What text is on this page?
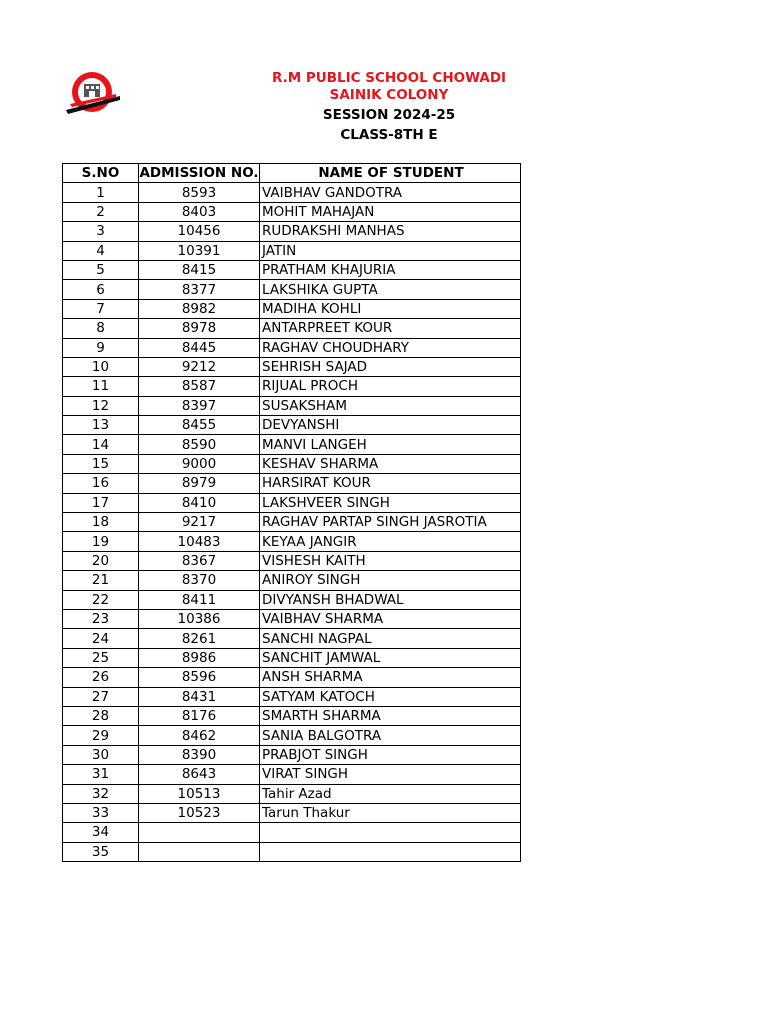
R.M PUBLIC SCHOOL CHOWADI
SAINIK COLONY
SESSION 2024-25
CLASS-8TH E
S.NO	ADMISSION NO.	NAME OF STUDENT
1	8593	VAIBHAV GANDOTRA
2	8403	MOHIT MAHAJAN
3	10456	RUDRAKSHI MANHAS
4	10391	JATIN
5	8415	PRATHAM KHAJURIA
6	8377	LAKSHIKA GUPTA
7	8982	MADIHA KOHLI
8	8978	ANTARPREET KOUR
9	8445	RAGHAV CHOUDHARY
10	9212	SEHRISH SAJAD
11	8587	RIJUAL PROCH
12	8397	SUSAKSHAM
13	8455	DEVYANSHI
14	8590	MANVI LANGEH
15	9000	KESHAV SHARMA
16	8979	HARSIRAT KOUR
17	8410	LAKSHVEER SINGH
18	9217	RAGHAV PARTAP SINGH JASROTIA
19	10483	KEYAA JANGIR
20	8367	VISHESH KAITH
21	8370	ANIROY SINGH
22	8411	DIVYANSH BHADWAL
23	10386	VAIBHAV SHARMA
24	8261	SANCHI NAGPAL
25	8986	SANCHIT JAMWAL
26	8596	ANSH SHARMA
27	8431	SATYAM KATOCH
28	8176	SMARTH SHARMA
29	8462	SANIA BALGOTRA
30	8390	PRABJOT SINGH
31	8643	VIRAT SINGH
32	10513	Tahir Azad
33	10523	Tarun Thakur
34		
35		
